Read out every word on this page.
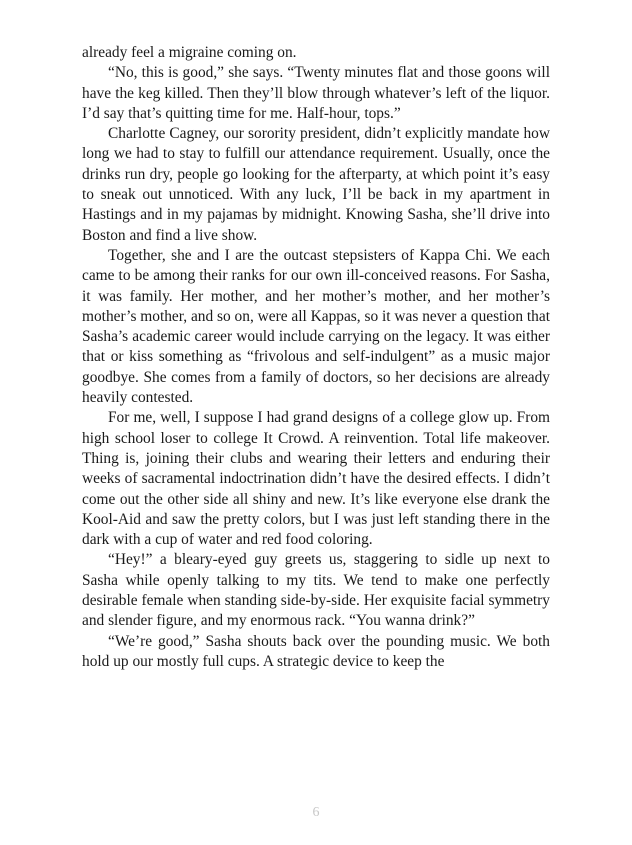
already feel a migraine coming on.

“No, this is good,” she says. “Twenty minutes flat and those goons will have the keg killed. Then they’ll blow through whatever’s left of the liquor. I’d say that’s quitting time for me. Half-hour, tops.”

Charlotte Cagney, our sorority president, didn’t explicitly mandate how long we had to stay to fulfill our attendance requirement. Usually, once the drinks run dry, people go looking for the afterparty, at which point it’s easy to sneak out unnoticed. With any luck, I’ll be back in my apartment in Hastings and in my pajamas by midnight. Knowing Sasha, she’ll drive into Boston and find a live show.

Together, she and I are the outcast stepsisters of Kappa Chi. We each came to be among their ranks for our own ill-conceived reasons. For Sasha, it was family. Her mother, and her mother’s mother, and her mother’s mother’s mother, and so on, were all Kappas, so it was never a question that Sasha’s academic career would include carrying on the legacy. It was either that or kiss something as “frivolous and self-indulgent” as a music major goodbye. She comes from a family of doctors, so her decisions are already heavily contested.

For me, well, I suppose I had grand designs of a college glow up. From high school loser to college It Crowd. A reinvention. Total life makeover. Thing is, joining their clubs and wearing their letters and enduring their weeks of sacramental indoctrination didn’t have the desired effects. I didn’t come out the other side all shiny and new. It’s like everyone else drank the Kool-Aid and saw the pretty colors, but I was just left standing there in the dark with a cup of water and red food coloring.

“Hey!” a bleary-eyed guy greets us, staggering to sidle up next to Sasha while openly talking to my tits. We tend to make one perfectly desirable female when standing side-by-side. Her exquisite facial symmetry and slender figure, and my enormous rack. “You wanna drink?”

“We’re good,” Sasha shouts back over the pounding music. We both hold up our mostly full cups. A strategic device to keep the

6
